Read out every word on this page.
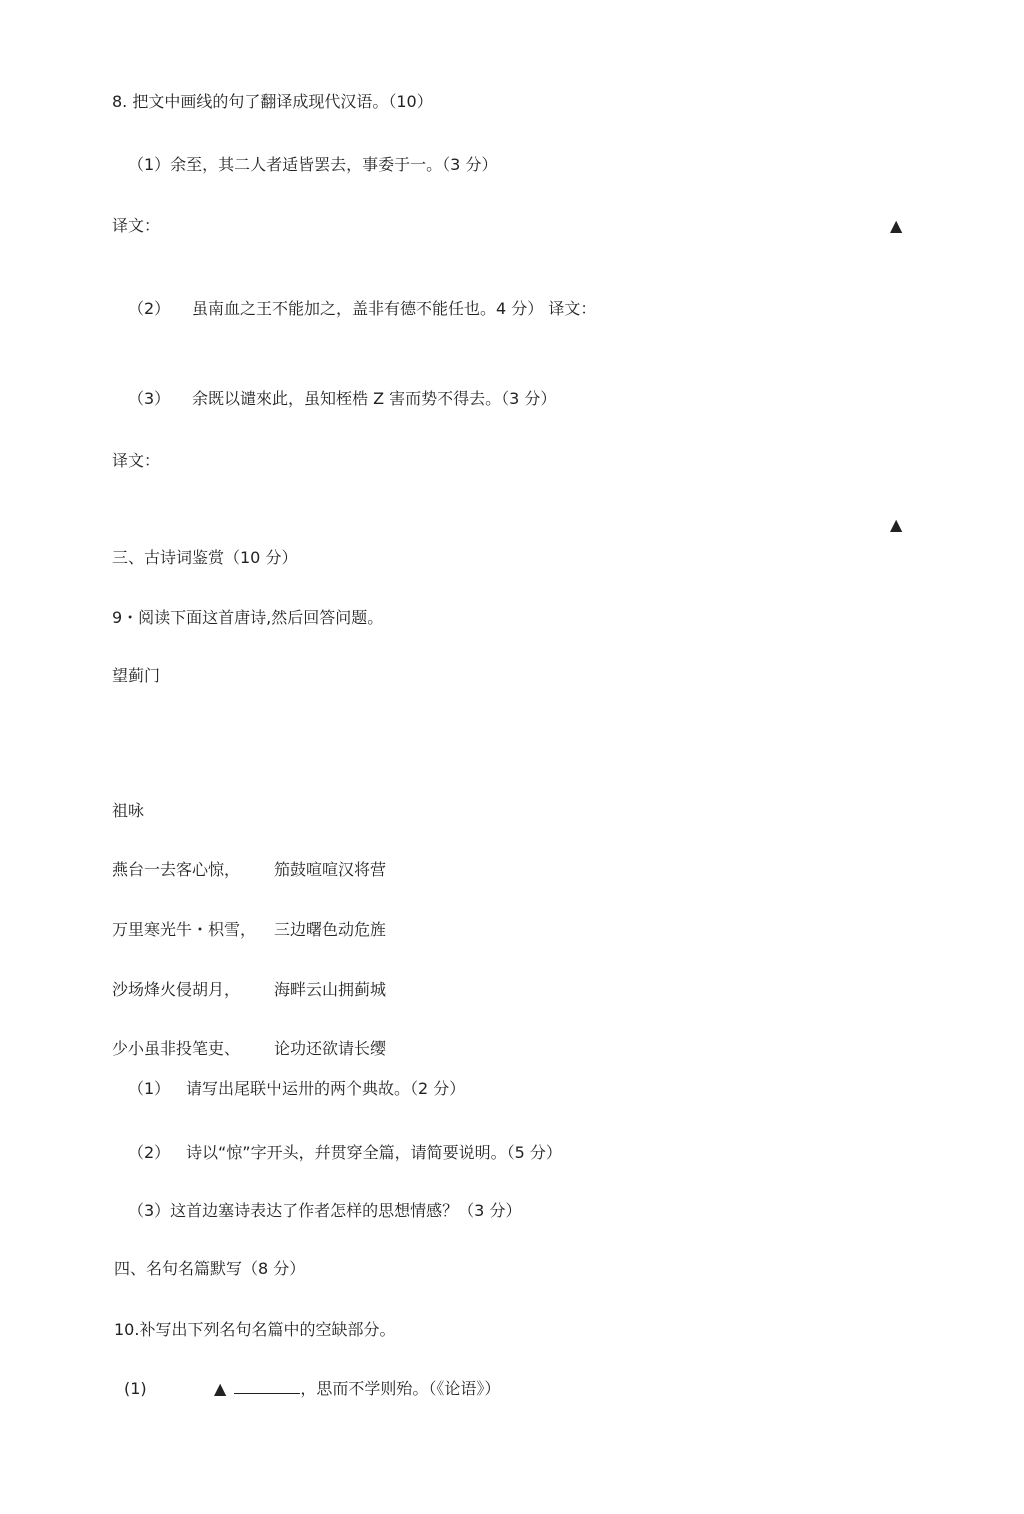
8. 把文中画线的句了翻译成现代汉语。（10）
（1）余至，其二人者适皆罢去，事委于一。（3 分）
译文：	▲
（2） 虽南血之王不能加之，盖非有德不能任也。4 分） 译文：
（3） 余既以谴來此，虽知桎梏 Z 害而势不得去。（3 分）
译文：
▲
三、古诗词鉴赏（10 分）
9・阅读下面这首唐诗,然后回答问题。
望蓟门
祖咏
燕台一去客心惊， 笳鼓喧喧汉将营
万里寒光牛・枳雪， 三边曙色动危旌
沙场烽火侵胡月， 海畔云山拥蓟城
少小虽非投笔吏、 论功还欲请长缨
（1） 请写出尾联屮运卅的两个典故。（2 分）
（2） 诗以“惊”字开头，幷贯穿全篇，请简要说明。（5 分）
（3）这首边塞诗表达了作者怎样的思想情感？（3 分）
四、名句名篇默写（8 分）
10.补写出下列名句名篇中的空缺部分。
(1)	▲	，思而不学则殆。（《论语》）
